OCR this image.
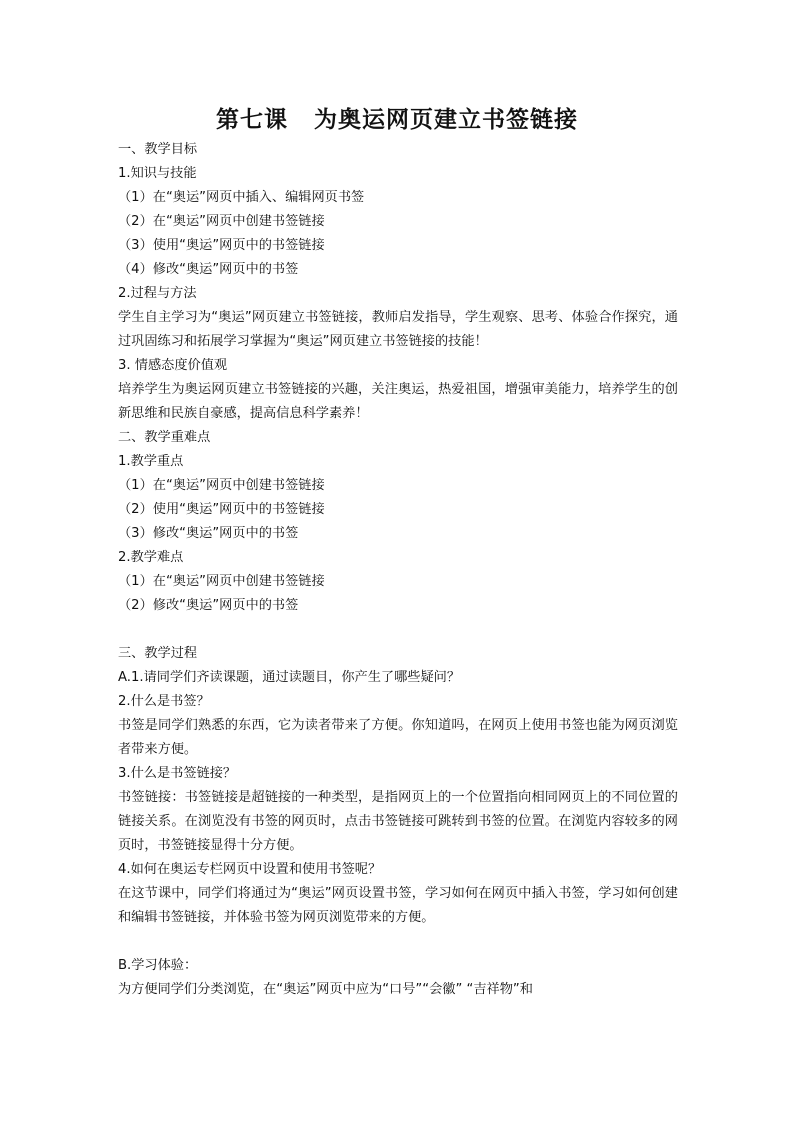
第七课 为奥运网页建立书签链接

一、教学目标

1.知识与技能

（1）在“奥运”网页中插入、编辑网页书签

（2）在“奥运”网页中创建书签链接

（3）使用“奥运”网页中的书签链接

（4）修改“奥运”网页中的书签

2.过程与方法

学生自主学习为“奥运”网页建立书签链接，教师启发指导，学生观察、思考、体验合作探究，通过巩固练习和拓展学习掌握为“奥运”网页建立书签链接的技能！

3. 情感态度价值观

培养学生为奥运网页建立书签链接的兴趣，关注奥运，热爱祖国，增强审美能力，培养学生的创新思维和民族自豪感，提高信息科学素养！

二、教学重难点

1.教学重点

（1）在“奥运”网页中创建书签链接

（2）使用“奥运”网页中的书签链接

（3）修改“奥运”网页中的书签

2.教学难点

（1）在“奥运”网页中创建书签链接

（2）修改“奥运”网页中的书签

三、教学过程

A.1.请同学们齐读课题，通过读题目，你产生了哪些疑问？

2.什么是书签？

书签是同学们熟悉的东西，它为读者带来了方便。你知道吗，在网页上使用书签也能为网页浏览者带来方便。

3.什么是书签链接？

书签链接：书签链接是超链接的一种类型，是指网页上的一个位置指向相同网页上的不同位置的链接关系。在浏览没有书签的网页时，点击书签链接可跳转到书签的位置。在浏览内容较多的网页时，书签链接显得十分方便。

4.如何在奥运专栏网页中设置和使用书签呢？

在这节课中，同学们将通过为“奥运”网页设置书签，学习如何在网页中插入书签，学习如何创建和编辑书签链接，并体验书签为网页浏览带来的方便。

B.学习体验：

为方便同学们分类浏览，在“奥运”网页中应为“口号”“会徽” “吉祥物”和
